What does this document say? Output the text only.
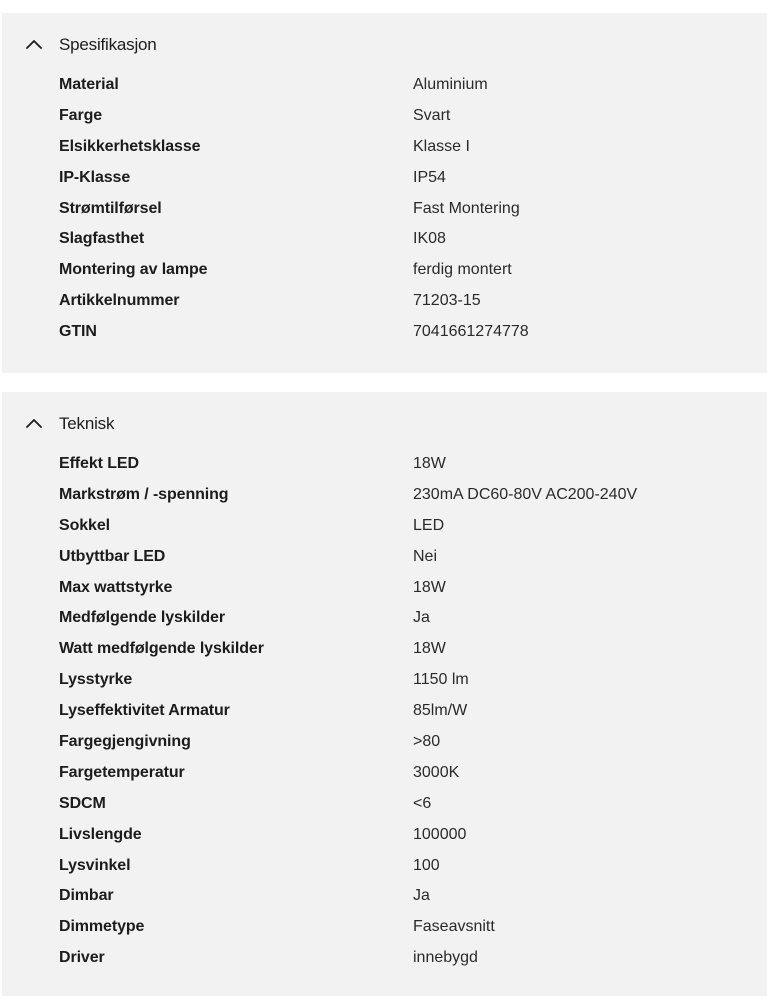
Spesifikasjon
Material	Aluminium
Farge	Svart
Elsikkerhetsklasse	Klasse I
IP-Klasse	IP54
Strømtilførsel	Fast Montering
Slagfasthet	IK08
Montering av lampe	ferdig montert
Artikkelnummer	71203-15
GTIN	7041661274778
Teknisk
Effekt LED	18W
Markstrøm / -spenning	230mA DC60-80V AC200-240V
Sokkel	LED
Utbyttbar LED	Nei
Max wattstyrke	18W
Medfølgende lyskilder	Ja
Watt medfølgende lyskilder	18W
Lysstyrke	1150 lm
Lyseffektivitet Armatur	85lm/W
Fargegjengivning	>80
Fargetemperatur	3000K
SDCM	<6
Livslengde	100000
Lysvinkel	100
Dimbar	Ja
Dimmetype	Faseavsnitt
Driver	innebygd
